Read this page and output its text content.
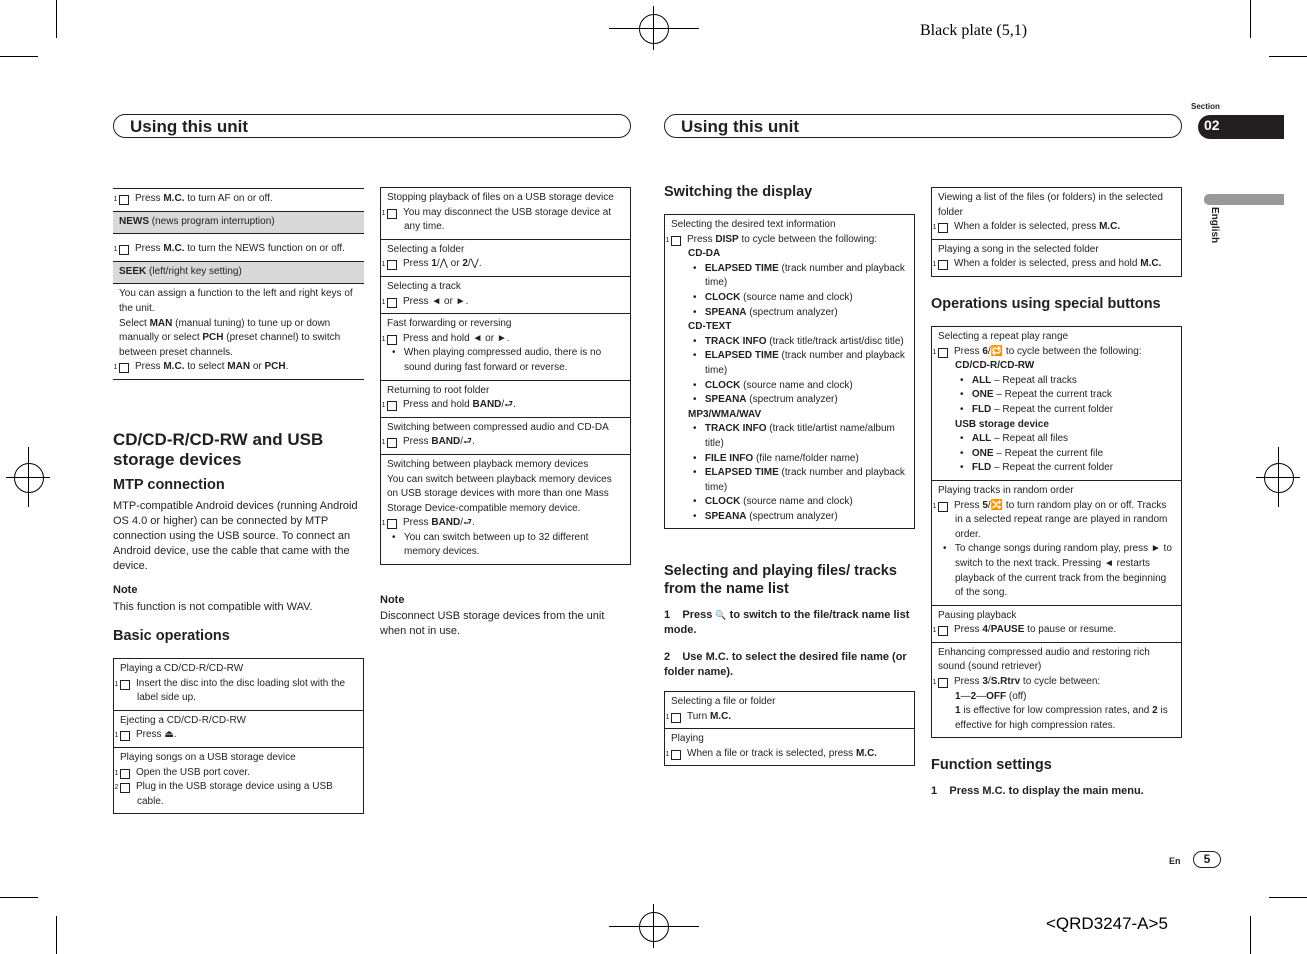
Black plate (5,1)
<QRD3247-A>5
Using this unit	Using this unit
Section
02
English
1 Press M.C. to turn AF on or off.
NEWS (news program interruption)
1 Press M.C. to turn the NEWS function on or off.
SEEK (left/right key setting)
You can assign a function to the left and right keys of the unit.
Select MAN (manual tuning) to tune up or down manually or select PCH (preset channel) to switch between preset channels.
1 Press M.C. to select MAN or PCH.
CD/CD-R/CD-RW and USB storage devices
MTP connection
MTP-compatible Android devices (running Android OS 4.0 or higher) can be connected by MTP connection using the USB source. To connect an Android device, use the cable that came with the device.
Note
This function is not compatible with WAV.
Basic operations
Playing a CD/CD-R/CD-RW
1 Insert the disc into the disc loading slot with the label side up.
Ejecting a CD/CD-R/CD-RW
1 Press ⏏.
Playing songs on a USB storage device
1 Open the USB port cover.
2 Plug in the USB storage device using a USB cable.
Stopping playback of files on a USB storage device
1 You may disconnect the USB storage device at any time.
Selecting a folder
1 Press 1/⋀ or 2/⋁.
Selecting a track
1 Press ◄ or ►.
Fast forwarding or reversing
1 Press and hold ◄ or ►.
•   When playing compressed audio, there is no sound during fast forward or reverse.
Returning to root folder
1 Press and hold BAND/⮐.
Switching between compressed audio and CD-DA
1 Press BAND/⮐.
Switching between playback memory devices
You can switch between playback memory devices on USB storage devices with more than one Mass Storage Device-compatible memory device.
1 Press BAND/⮐.
•   You can switch between up to 32 different memory devices.
Note
Disconnect USB storage devices from the unit when not in use.
Switching the display
Selecting the desired text information
1 Press DISP to cycle between the following:
CD-DA
•   ELAPSED TIME (track number and playback time)
•   CLOCK (source name and clock)
•   SPEANA (spectrum analyzer)
CD-TEXT
•   TRACK INFO (track title/track artist/disc title)
•   ELAPSED TIME (track number and playback time)
•   CLOCK (source name and clock)
•   SPEANA (spectrum analyzer)
MP3/WMA/WAV
•   TRACK INFO (track title/artist name/album title)
•   FILE INFO (file name/folder name)
•   ELAPSED TIME (track number and playback time)
•   CLOCK (source name and clock)
•   SPEANA (spectrum analyzer)
Selecting and playing files/ tracks from the name list
1 Press 🔍 to switch to the file/track name list mode.
2 Use M.C. to select the desired file name (or folder name).
Selecting a file or folder
1 Turn M.C.
Playing
1 When a file or track is selected, press M.C.
Viewing a list of the files (or folders) in the selected folder
1 When a folder is selected, press M.C.
Playing a song in the selected folder
1 When a folder is selected, press and hold M.C.
Operations using special buttons
Selecting a repeat play range
1 Press 6/🔁 to cycle between the following:
CD/CD-R/CD-RW
•   ALL – Repeat all tracks
•   ONE – Repeat the current track
•   FLD – Repeat the current folder
USB storage device
•   ALL – Repeat all files
•   ONE – Repeat the current file
•   FLD – Repeat the current folder
Playing tracks in random order
1 Press 5/🔀 to turn random play on or off. Tracks in a selected repeat range are played in random order.
•   To change songs during random play, press ► to switch to the next track. Pressing ◄ restarts playback of the current track from the beginning of the song.
Pausing playback
1 Press 4/PAUSE to pause or resume.
Enhancing compressed audio and restoring rich sound (sound retriever)
1 Press 3/S.Rtrv to cycle between:
1—2—OFF (off)
1 is effective for low compression rates, and 2 is effective for high compression rates.
Function settings
1 Press M.C. to display the main menu.
En	5
